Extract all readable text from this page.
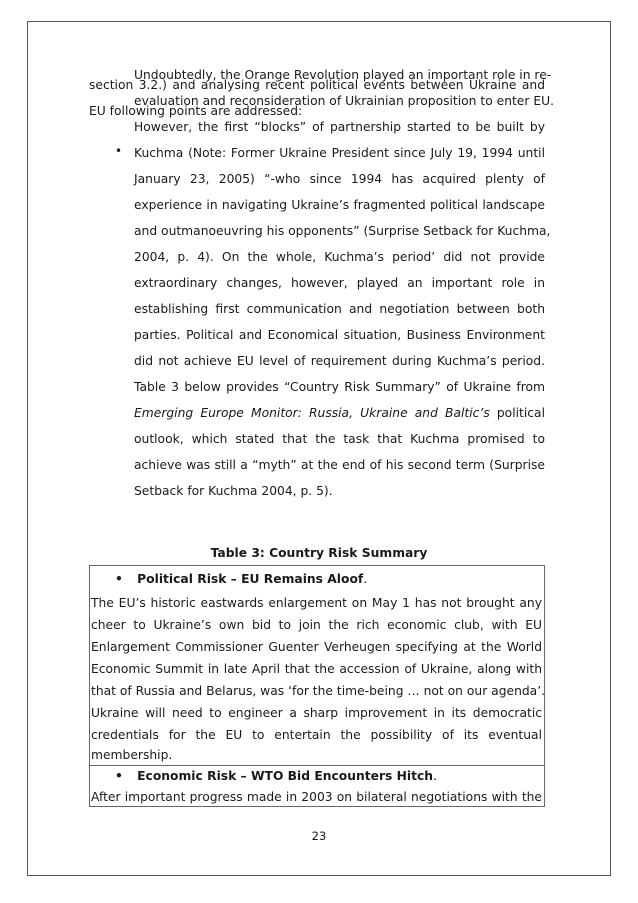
section 3.2.) and analysing recent political events between Ukraine and
EU following points are addressed:
•
Undoubtedly, the Orange Revolution played an important role in re-
evaluation and reconsideration of Ukrainian proposition to enter EU.
However, the first “blocks” of partnership started to be built by
Kuchma (Note: Former Ukraine President since July 19, 1994 until
January 23, 2005) “-who since 1994 has acquired plenty of
experience in navigating Ukraine’s fragmented political landscape
and outmanoeuvring his opponents” (Surprise Setback for Kuchma,
2004, p. 4). On the whole, Kuchma’s period’ did not provide
extraordinary changes, however, played an important role in
establishing first communication and negotiation between both
parties. Political and Economical situation, Business Environment
did not achieve EU level of requirement during Kuchma’s period.
Table 3 below provides “Country Risk Summary” of Ukraine from
Emerging Europe Monitor: Russia, Ukraine and Baltic’s political
outlook, which stated that the task that Kuchma promised to
achieve was still a “myth” at the end of his second term (Surprise
Setback for Kuchma 2004, p. 5).
Table 3: Country Risk Summary
• Political Risk – EU Remains Aloof.
The EU’s historic eastwards enlargement on May 1 has not brought any
cheer to Ukraine’s own bid to join the rich economic club, with EU
Enlargement Commissioner Guenter Verheugen specifying at the World
Economic Summit in late April that the accession of Ukraine, along with
that of Russia and Belarus, was ‘for the time-being … not on our agenda’.
Ukraine will need to engineer a sharp improvement in its democratic
credentials for the EU to entertain the possibility of its eventual
membership.
• Economic Risk – WTO Bid Encounters Hitch.
After important progress made in 2003 on bilateral negotiations with the
23
